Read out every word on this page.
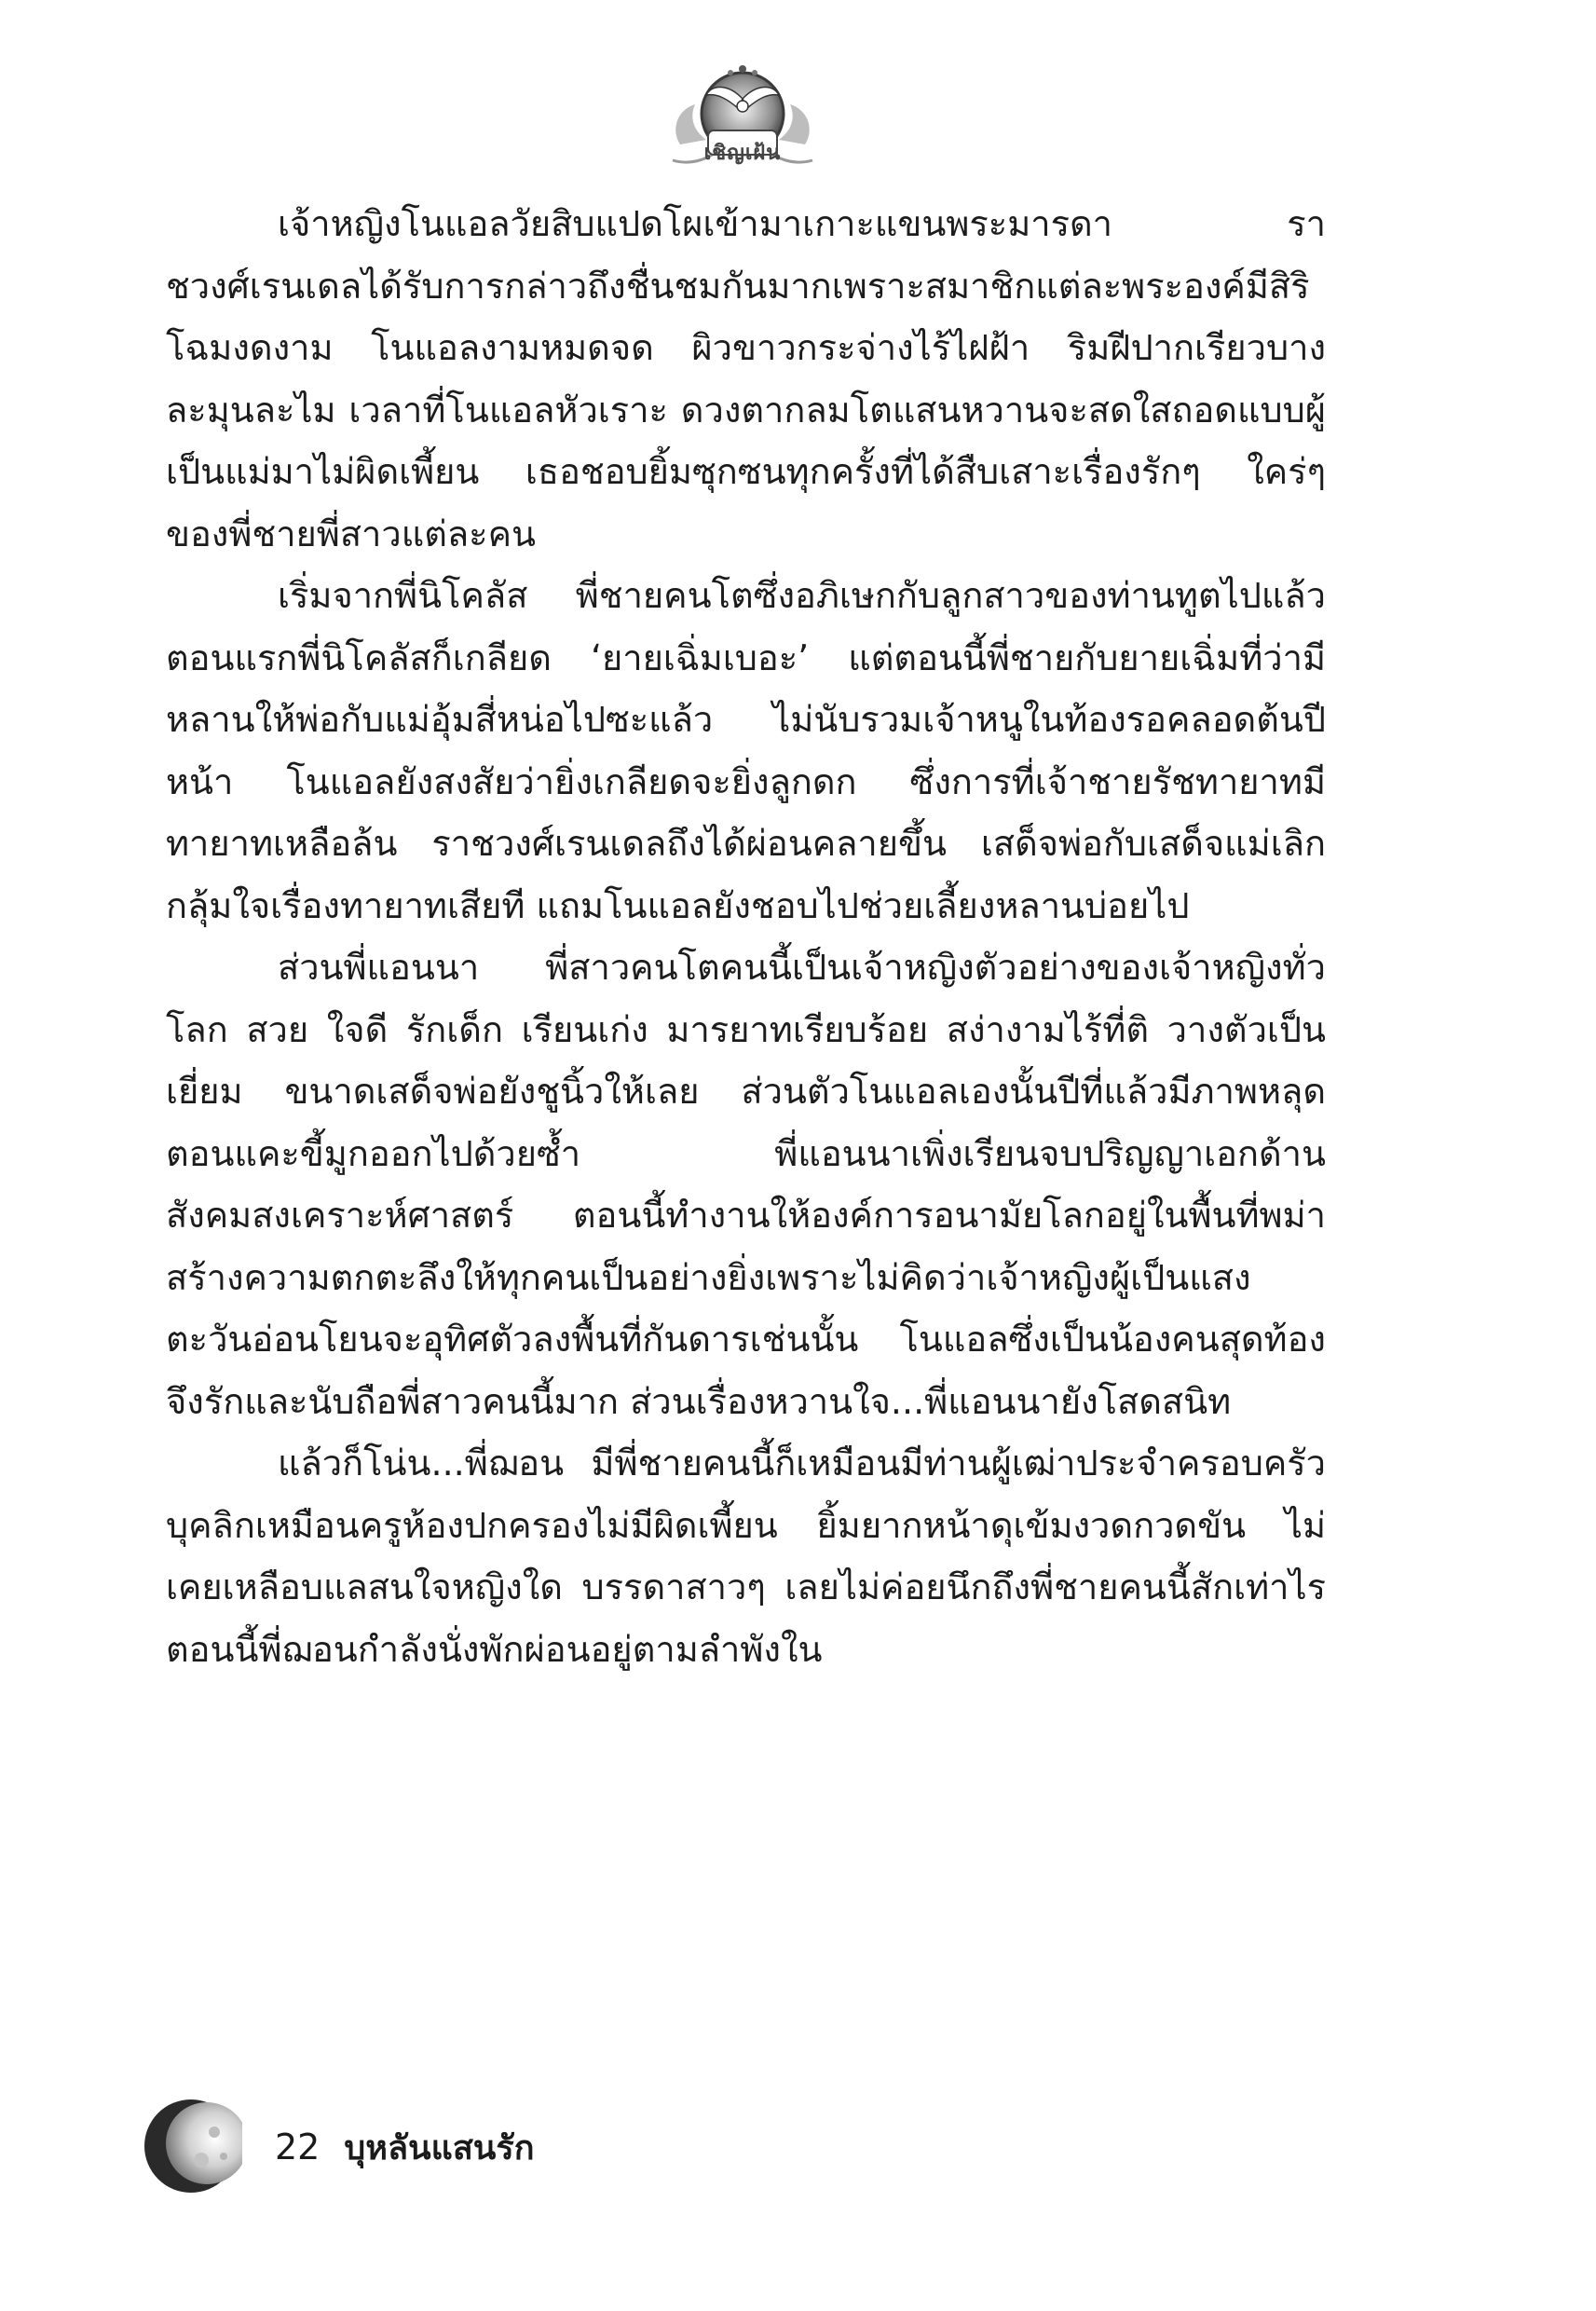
เชิญเฝ้น

เจ้าหญิงโนแอลวัยสิบแปดโผเข้ามาเกาะแขนพระมารดา ราชวงศ์เรนเดลได้รับการกล่าวถึงชื่นชมกันมากเพราะสมาชิกแต่ละพระองค์มีสิริโฉมงดงาม โนแอลงามหมดจด ผิวขาวกระจ่างไร้ไฝฝ้า ริมฝีปากเรียวบางละมุนละไม เวลาที่โนแอลหัวเราะ ดวงตากลมโตแสนหวานจะสดใสถอดแบบผู้เป็นแม่มาไม่ผิดเพี้ยน เธอชอบยิ้มซุกซนทุกครั้งที่ได้สืบเสาะเรื่องรักๆ ใคร่ๆ ของพี่ชายพี่สาวแต่ละคน

เริ่มจากพี่นิโคลัส พี่ชายคนโตซึ่งอภิเษกกับลูกสาวของท่านทูตไปแล้ว ตอนแรกพี่นิโคลัสก็เกลียด ‘ยายเฉิ่มเบอะ’ แต่ตอนนี้พี่ชายกับยายเฉิ่มที่ว่ามีหลานให้พ่อกับแม่อุ้มสี่หน่อไปซะแล้ว ไม่นับรวมเจ้าหนูในท้องรอคลอดต้นปีหน้า โนแอลยังสงสัยว่ายิ่งเกลียดจะยิ่งลูกดก ซึ่งการที่เจ้าชายรัชทายาทมีทายาทเหลือล้น ราชวงศ์เรนเดลถึงได้ผ่อนคลายขึ้น เสด็จพ่อกับเสด็จแม่เลิกกลุ้มใจเรื่องทายาทเสียที แถมโนแอลยังชอบไปช่วยเลี้ยงหลานบ่อยไป

ส่วนพี่แอนนา พี่สาวคนโตคนนี้เป็นเจ้าหญิงตัวอย่างของเจ้าหญิงทั่วโลก สวย ใจดี รักเด็ก เรียนเก่ง มารยาทเรียบร้อย สง่างามไร้ที่ติ วางตัวเป็นเยี่ยม ขนาดเสด็จพ่อยังชูนิ้วให้เลย ส่วนตัวโนแอลเองนั้นปีที่แล้วมีภาพหลุดตอนแคะขี้มูกออกไปด้วยซ้ำ พี่แอนนาเพิ่งเรียนจบปริญญาเอกด้านสังคมสงเคราะห์ศาสตร์ ตอนนี้ทำงานให้องค์การอนามัยโลกอยู่ในพื้นที่พม่า สร้างความตกตะลึงให้ทุกคนเป็นอย่างยิ่งเพราะไม่คิดว่าเจ้าหญิงผู้เป็นแสงตะวันอ่อนโยนจะอุทิศตัวลงพื้นที่กันดารเช่นนั้น โนแอลซึ่งเป็นน้องคนสุดท้องจึงรักและนับถือพี่สาวคนนี้มาก ส่วนเรื่องหวานใจ...พี่แอนนายังโสดสนิท

แล้วก็โน่น...พี่ฌอน มีพี่ชายคนนี้ก็เหมือนมีท่านผู้เฒ่าประจำครอบครัว บุคลิกเหมือนครูห้องปกครองไม่มีผิดเพี้ยน ยิ้มยากหน้าดุเข้มงวดกวดขัน ไม่เคยเหลือบแลสนใจหญิงใด บรรดาสาวๆ เลยไม่ค่อยนึกถึงพี่ชายคนนี้สักเท่าไร ตอนนี้พี่ฌอนกำลังนั่งพักผ่อนอยู่ตามลำพังใน

22 บุหลันแสนรัก
